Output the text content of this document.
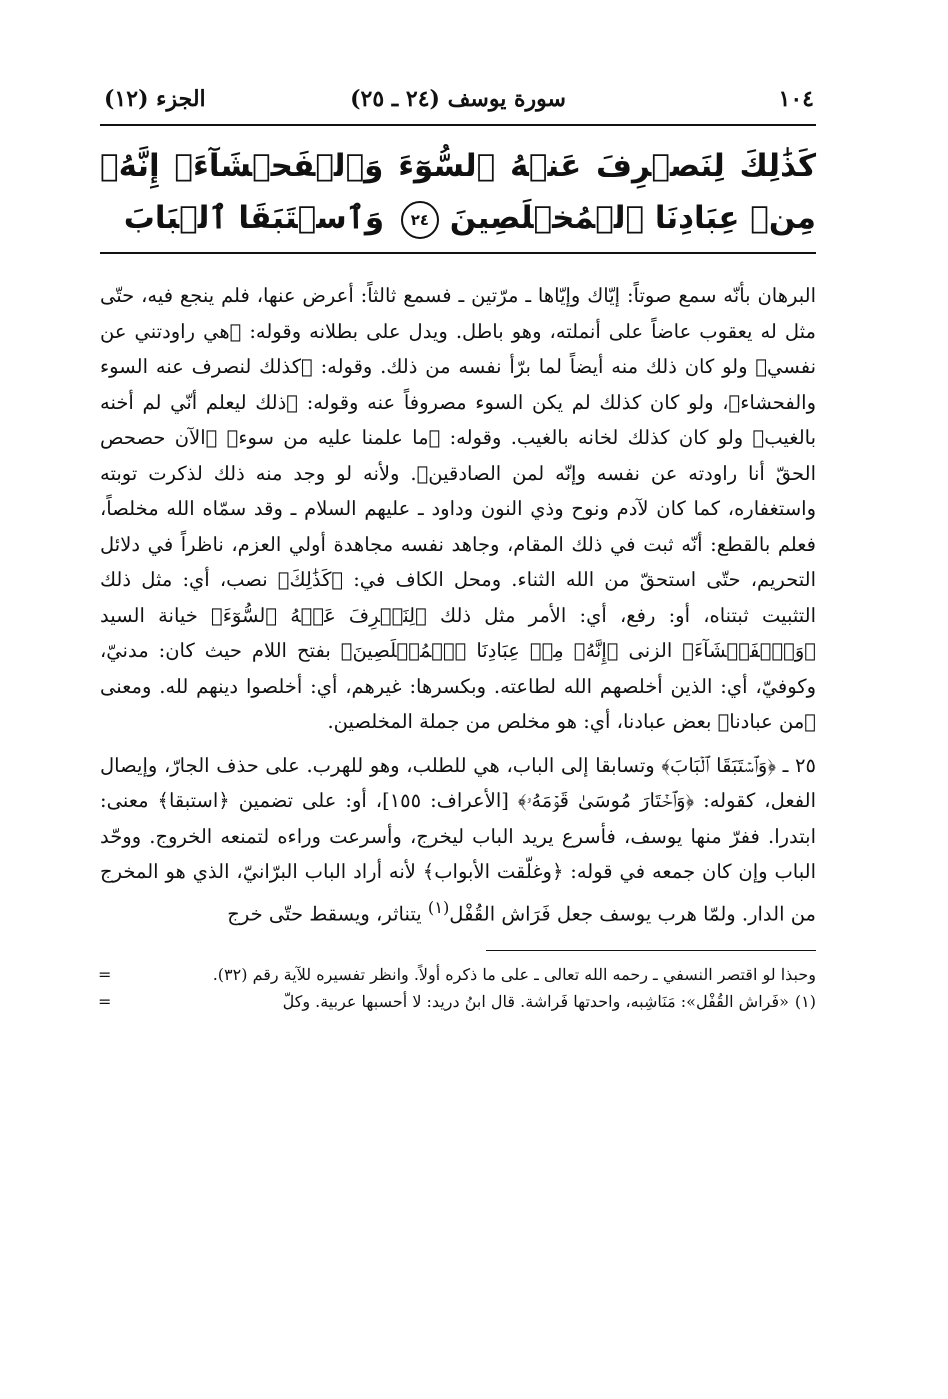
١٠٤
سورة يوسف (٢٤ ـ ٢٥)
الجزء (١٢)
كَذَٰلِكَ لِنَصۡرِفَ عَنۡهُ ٱلسُّوٓءَ وَٱلۡفَحۡشَآءَۚ إِنَّهُۥ مِنۡ عِبَادِنَا ٱلۡمُخۡلَصِينَ ٢٤ وَٱسۡتَبَقَا ٱلۡبَابَ

البرهان بأنّه سمع صوتاً: إيّاك وإيّاها ـ مرّتين ـ فسمع ثالثاً: أعرض عنها، فلم ينجع فيه، حتّى مثل له يعقوب عاضاً على أنملته، وهو باطل. ويدل على بطلانه وقوله: ﴿هي راودتني عن نفسي﴾ ولو كان ذلك منه أيضاً لما برّأ نفسه من ذلك. وقوله: ﴿كذلك لنصرف عنه السوء والفحشاء﴾، ولو كان كذلك لم يكن السوء مصروفاً عنه وقوله: ﴿ذلك ليعلم أنّي لم أخنه بالغيب﴾ ولو كان كذلك لخانه بالغيب. وقوله: ﴿ما علمنا عليه من سوء﴾ ﴿الآن حصحص الحقّ أنا راودته عن نفسه وإنّه لمن الصادقين﴾. ولأنه لو وجد منه ذلك لذكرت توبته واستغفاره، كما كان لآدم ونوح وذي النون وداود ـ عليهم السلام ـ وقد سمّاه الله مخلصاً، فعلم بالقطع: أنّه ثبت في ذلك المقام، وجاهد نفسه مجاهدة أولي العزم، ناظراً في دلائل التحريم، حتّى استحقّ من الله الثناء. ومحل الكاف في: ﴿كَذَٰلِكَ﴾ نصب، أي: مثل ذلك التثبيت ثبتناه، أو: رفع، أي: الأمر مثل ذلك ﴿لِنَصۡرِفَ عَنۡهُ ٱلسُّوٓءَ﴾ خيانة السيد ﴿وَٱلۡفَحۡشَآءَ﴾ الزنى ﴿إِنَّهُۥ مِنۡ عِبَادِنَا ٱلۡمُخۡلَصِينَ﴾ بفتح اللام حيث كان: مدنيّ، وكوفيّ، أي: الذين أخلصهم الله لطاعته. وبكسرها: غيرهم، أي: أخلصوا دينهم لله. ومعنى ﴿من عبادنا﴾ بعض عبادنا، أي: هو مخلص من جملة المخلصين.

٢٥ ـ ﴿وَٱسۡتَبَقَا ٱلۡبَابَ﴾ وتسابقا إلى الباب، هي للطلب، وهو للهرب. على حذف الجارّ، وإيصال الفعل، كقوله: ﴿وَٱخۡتَارَ مُوسَىٰ قَوۡمَهُۥ﴾ [الأعراف: ١٥٥]، أو: على تضمين ﴿استبقا﴾ معنى: ابتدرا. ففرّ منها يوسف، فأسرع يريد الباب ليخرج، وأسرعت وراءه لتمنعه الخروج. ووحّد الباب وإن كان جمعه في قوله: ﴿وغلّقت الأبواب﴾ لأنه أراد الباب البرّانيّ، الذي هو المخرج من الدار. ولمّا هرب يوسف جعل فَرَاش القُفْل$^{(١)}$ يتناثر، ويسقط حتّى خرج

وحبذا لو اقتصر النسفي ـ رحمه الله تعالى ـ على ما ذكره أولاً. وانظر تفسيره للآية رقم (٣٢).
=
(١)«فَراش القُفْل»: مَنَاشِبه، واحدتها فَراشة. قال ابنُ دريد: لا أحسبها عربية. وكلّ
=
